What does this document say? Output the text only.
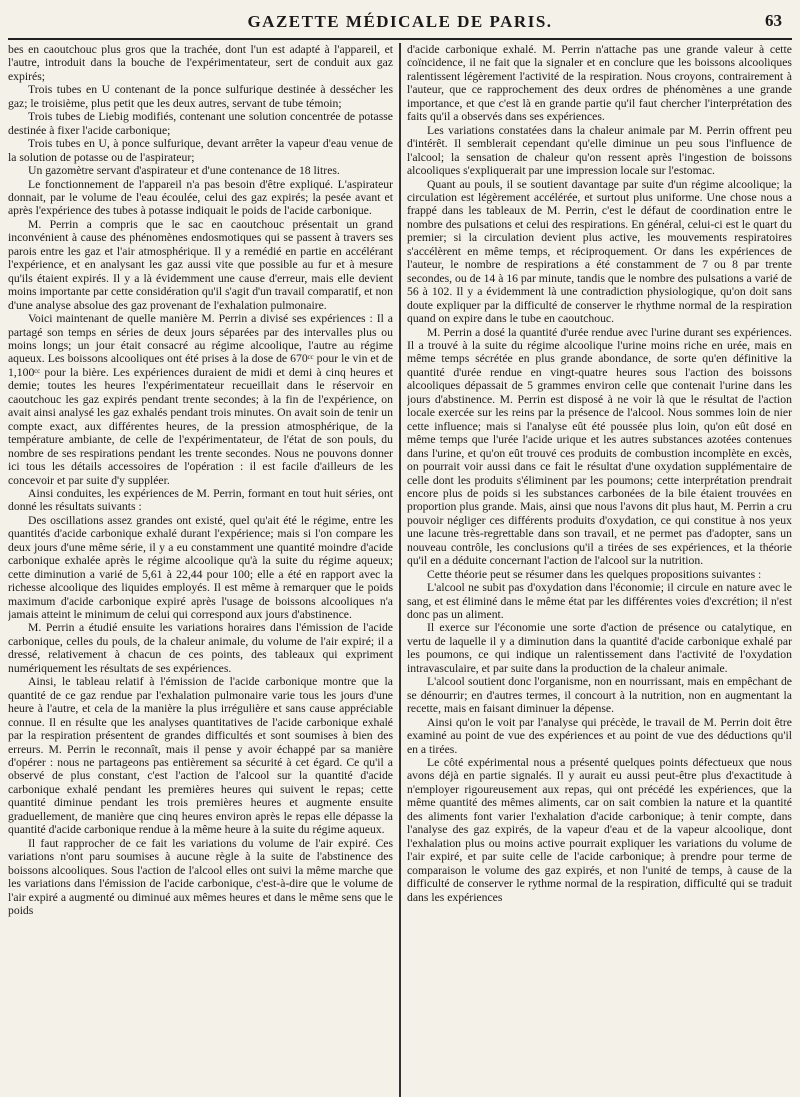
GAZETTE MÉDICALE DE PARIS.	63

bes en caoutchouc plus gros que la trachée, dont l'un est adapté à l'appareil, et l'autre, introduit dans la bouche de l'expérimentateur, sert de conduit aux gaz expirés;

Trois tubes en U contenant de la ponce sulfurique destinée à dessécher les gaz; le troisième, plus petit que les deux autres, servant de tube témoin;

Trois tubes de Liebig modifiés, contenant une solution concentrée de potasse destinée à fixer l'acide carbonique;

Trois tubes en U, à ponce sulfurique, devant arrêter la vapeur d'eau venue de la solution de potasse ou de l'aspirateur;

Un gazomètre servant d'aspirateur et d'une contenance de 18 litres.

Le fonctionnement de l'appareil n'a pas besoin d'être expliqué. L'aspirateur donnait, par le volume de l'eau écoulée, celui des gaz expirés; la pesée avant et après l'expérience des tubes à potasse indiquait le poids de l'acide carbonique.

M. Perrin a compris que le sac en caoutchouc présentait un grand inconvénient à cause des phénomènes endosmotiques qui se passent à travers ses parois entre les gaz et l'air atmosphérique. Il y a remédié en partie en accélérant l'expérience, et en analysant les gaz aussi vite que possible au fur et à mesure qu'ils étaient expirés. Il y a là évidemment une cause d'erreur, mais elle devient moins importante par cette considération qu'il s'agit d'un travail comparatif, et non d'une analyse absolue des gaz provenant de l'exhalation pulmonaire.

Voici maintenant de quelle manière M. Perrin a divisé ses expériences : Il a partagé son temps en séries de deux jours séparées par des intervalles plus ou moins longs; un jour était consacré au régime alcoolique, l'autre au régime aqueux. Les boissons alcooliques ont été prises à la dose de 670ᶜᶜ pour le vin et de 1,100ᶜᶜ pour la bière. Les expériences duraient de midi et demi à cinq heures et demie; toutes les heures l'expérimentateur recueillait dans le réservoir en caoutchouc les gaz expirés pendant trente secondes; à la fin de l'expérience, on avait ainsi analysé les gaz exhalés pendant trois minutes. On avait soin de tenir un compte exact, aux différentes heures, de la pression atmosphérique, de la température ambiante, de celle de l'expérimentateur, de l'état de son pouls, du nombre de ses respirations pendant les trente secondes. Nous ne pouvons donner ici tous les détails accessoires de l'opération : il est facile d'ailleurs de les concevoir et par suite d'y suppléer.

Ainsi conduites, les expériences de M. Perrin, formant en tout huit séries, ont donné les résultats suivants :

Des oscillations assez grandes ont existé, quel qu'ait été le régime, entre les quantités d'acide carbonique exhalé durant l'expérience; mais si l'on compare les deux jours d'une même série, il y a eu constamment une quantité moindre d'acide carbonique exhalée après le régime alcoolique qu'à la suite du régime aqueux; cette diminution a varié de 5,61 à 22,44 pour 100; elle a été en rapport avec la richesse alcoolique des liquides employés. Il est même à remarquer que le poids maximum d'acide carbonique expiré après l'usage de boissons alcooliques n'a jamais atteint le minimum de celui qui correspond aux jours d'abstinence.

M. Perrin a étudié ensuite les variations horaires dans l'émission de l'acide carbonique, celles du pouls, de la chaleur animale, du volume de l'air expiré; il a dressé, relativement à chacun de ces points, des tableaux qui expriment numériquement les résultats de ses expériences.

Ainsi, le tableau relatif à l'émission de l'acide carbonique montre que la quantité de ce gaz rendue par l'exhalation pulmonaire varie tous les jours d'une heure à l'autre, et cela de la manière la plus irrégulière et sans cause appréciable connue. Il en résulte que les analyses quantitatives de l'acide carbonique exhalé par la respiration présentent de grandes difficultés et sont soumises à bien des erreurs. M. Perrin le reconnaît, mais il pense y avoir échappé par sa manière d'opérer : nous ne partageons pas entièrement sa sécurité à cet égard. Ce qu'il a observé de plus constant, c'est l'action de l'alcool sur la quantité d'acide carbonique exhalé pendant les premières heures qui suivent le repas; cette quantité diminue pendant les trois premières heures et augmente ensuite graduellement, de manière que cinq heures environ après le repas elle dépasse la quantité d'acide carbonique rendue à la même heure à la suite du régime aqueux.

Il faut rapprocher de ce fait les variations du volume de l'air expiré. Ces variations n'ont paru soumises à aucune règle à la suite de l'abstinence des boissons alcooliques. Sous l'action de l'alcool elles ont suivi la même marche que les variations dans l'émission de l'acide carbonique, c'est-à-dire que le volume de l'air expiré a augmenté ou diminué aux mêmes heures et dans le même sens que le poids

d'acide carbonique exhalé. M. Perrin n'attache pas une grande valeur à cette coïncidence, il ne fait que la signaler et en conclure que les boissons alcooliques ralentissent légèrement l'activité de la respiration. Nous croyons, contrairement à l'auteur, que ce rapprochement des deux ordres de phénomènes a une grande importance, et que c'est là en grande partie qu'il faut chercher l'interprétation des faits qu'il a observés dans ses expériences.

Les variations constatées dans la chaleur animale par M. Perrin offrent peu d'intérêt. Il semblerait cependant qu'elle diminue un peu sous l'influence de l'alcool; la sensation de chaleur qu'on ressent après l'ingestion de boissons alcooliques s'expliquerait par une impression locale sur l'estomac.

Quant au pouls, il se soutient davantage par suite d'un régime alcoolique; la circulation est légèrement accélérée, et surtout plus uniforme. Une chose nous a frappé dans les tableaux de M. Perrin, c'est le défaut de coordination entre le nombre des pulsations et celui des respirations. En général, celui-ci est le quart du premier; si la circulation devient plus active, les mouvements respiratoires s'accélèrent en même temps, et réciproquement. Or dans les expériences de l'auteur, le nombre de respirations a été constamment de 7 ou 8 par trente secondes, ou de 14 à 16 par minute, tandis que le nombre des pulsations a varié de 56 à 102. Il y a évidemment là une contradiction physiologique, qu'on doit sans doute expliquer par la difficulté de conserver le rhythme normal de la respiration quand on expire dans le tube en caoutchouc.

M. Perrin a dosé la quantité d'urée rendue avec l'urine durant ses expériences. Il a trouvé à la suite du régime alcoolique l'urine moins riche en urée, mais en même temps sécrétée en plus grande abondance, de sorte qu'en définitive la quantité d'urée rendue en vingt-quatre heures sous l'action des boissons alcooliques dépassait de 5 grammes environ celle que contenait l'urine dans les jours d'abstinence. M. Perrin est disposé à ne voir là que le résultat de l'action locale exercée sur les reins par la présence de l'alcool. Nous sommes loin de nier cette influence; mais si l'analyse eût été poussée plus loin, qu'on eût dosé en même temps que l'urée l'acide urique et les autres substances azotées contenues dans l'urine, et qu'on eût trouvé ces produits de combustion incomplète en excès, on pourrait voir aussi dans ce fait le résultat d'une oxydation supplémentaire de celle dont les produits s'éliminent par les poumons; cette interprétation prendrait encore plus de poids si les substances carbonées de la bile étaient trouvées en proportion plus grande. Mais, ainsi que nous l'avons dit plus haut, M. Perrin a cru pouvoir négliger ces différents produits d'oxydation, ce qui constitue à nos yeux une lacune très-regrettable dans son travail, et ne permet pas d'adopter, sans un nouveau contrôle, les conclusions qu'il a tirées de ses expériences, et la théorie qu'il en a déduite concernant l'action de l'alcool sur la nutrition.

Cette théorie peut se résumer dans les quelques propositions suivantes :

L'alcool ne subit pas d'oxydation dans l'économie; il circule en nature avec le sang, et est éliminé dans le même état par les différentes voies d'excrétion; il n'est donc pas un aliment.

Il exerce sur l'économie une sorte d'action de présence ou catalytique, en vertu de laquelle il y a diminution dans la quantité d'acide carbonique exhalé par les poumons, ce qui indique un ralentissement dans l'activité de l'oxydation intravasculaire, et par suite dans la production de la chaleur animale.

L'alcool soutient donc l'organisme, non en nourrissant, mais en empêchant de se dénourrir; en d'autres termes, il concourt à la nutrition, non en augmentant la recette, mais en faisant diminuer la dépense.

Ainsi qu'on le voit par l'analyse qui précède, le travail de M. Perrin doit être examiné au point de vue des expériences et au point de vue des déductions qu'il en a tirées.

Le côté expérimental nous a présenté quelques points défectueux que nous avons déjà en partie signalés. Il y aurait eu aussi peut-être plus d'exactitude à n'employer rigoureusement aux repas, qui ont précédé les expériences, que la même quantité des mêmes aliments, car on sait combien la nature et la quantité des aliments font varier l'exhalation d'acide carbonique; à tenir compte, dans l'analyse des gaz expirés, de la vapeur d'eau et de la vapeur alcoolique, dont l'exhalation plus ou moins active pourrait expliquer les variations du volume de l'air expiré, et par suite celle de l'acide carbonique; à prendre pour terme de comparaison le volume des gaz expirés, et non l'unité de temps, à cause de la difficulté de conserver le rythme normal de la respiration, difficulté qui se traduit dans les expériences
